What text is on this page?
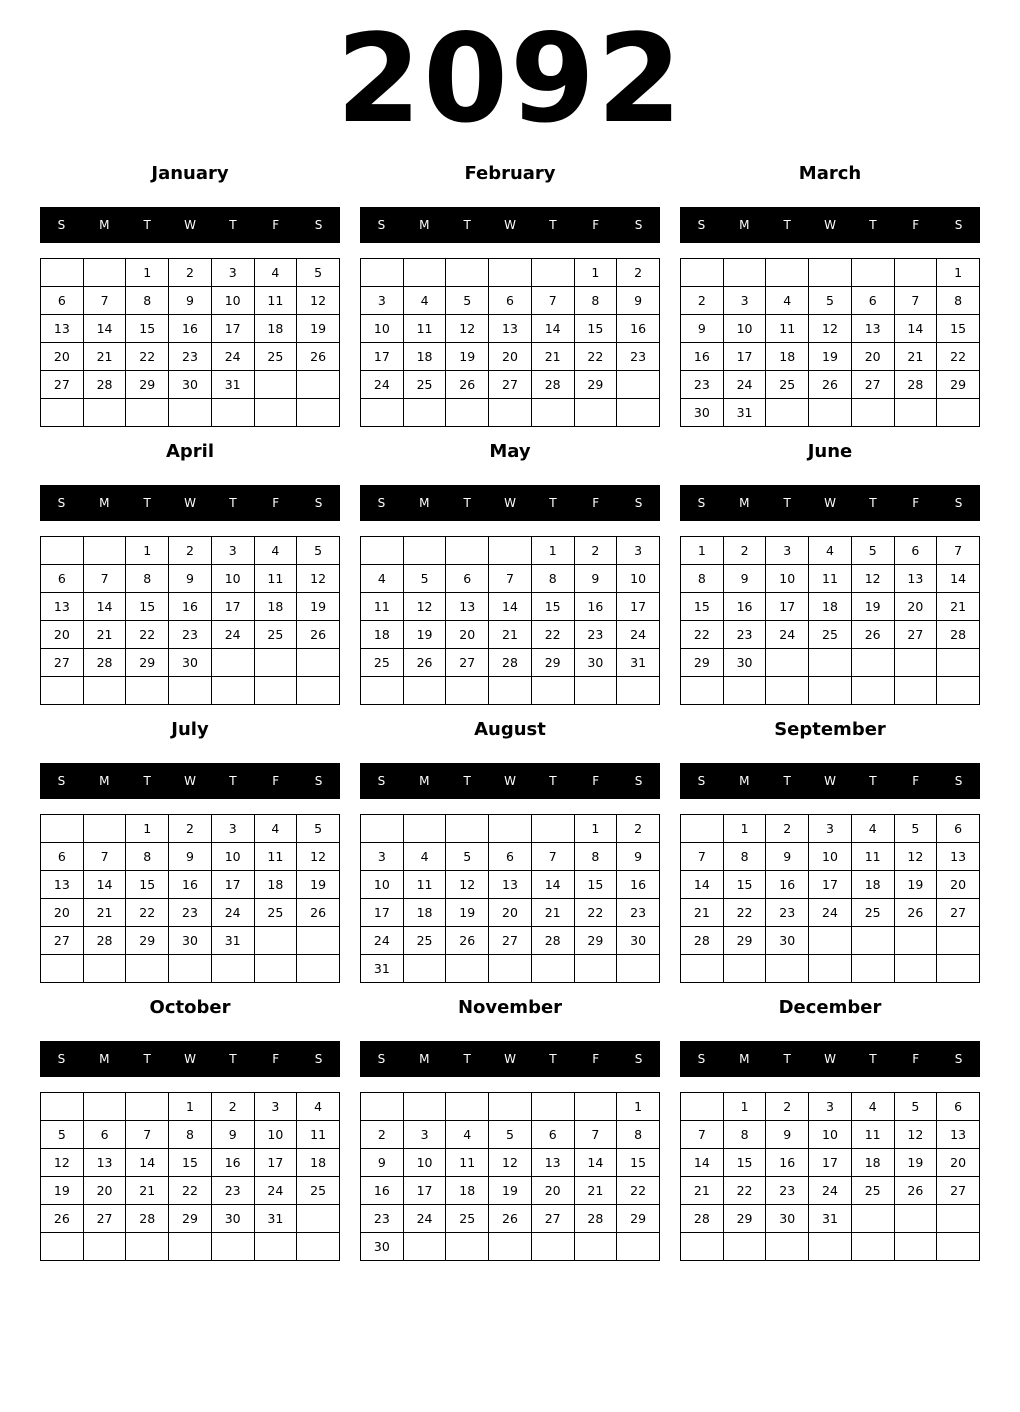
2092
January
S	M	T	W	T	F	S
		1	2	3	4	5
6	7	8	9	10	11	12
13	14	15	16	17	18	19
20	21	22	23	24	25	26
27	28	29	30	31		

February
S	M	T	W	T	F	S
					1	2
3	4	5	6	7	8	9
10	11	12	13	14	15	16
17	18	19	20	21	22	23
24	25	26	27	28	29	

March
S	M	T	W	T	F	S
						1
2	3	4	5	6	7	8
9	10	11	12	13	14	15
16	17	18	19	20	21	22
23	24	25	26	27	28	29
30	31					
April
S	M	T	W	T	F	S
		1	2	3	4	5
6	7	8	9	10	11	12
13	14	15	16	17	18	19
20	21	22	23	24	25	26
27	28	29	30			

May
S	M	T	W	T	F	S
				1	2	3
4	5	6	7	8	9	10
11	12	13	14	15	16	17
18	19	20	21	22	23	24
25	26	27	28	29	30	31

June
S	M	T	W	T	F	S
1	2	3	4	5	6	7
8	9	10	11	12	13	14
15	16	17	18	19	20	21
22	23	24	25	26	27	28
29	30					

July
S	M	T	W	T	F	S
		1	2	3	4	5
6	7	8	9	10	11	12
13	14	15	16	17	18	19
20	21	22	23	24	25	26
27	28	29	30	31		

August
S	M	T	W	T	F	S
					1	2
3	4	5	6	7	8	9
10	11	12	13	14	15	16
17	18	19	20	21	22	23
24	25	26	27	28	29	30
31						
September
S	M	T	W	T	F	S
	1	2	3	4	5	6
7	8	9	10	11	12	13
14	15	16	17	18	19	20
21	22	23	24	25	26	27
28	29	30				

October
S	M	T	W	T	F	S
			1	2	3	4
5	6	7	8	9	10	11
12	13	14	15	16	17	18
19	20	21	22	23	24	25
26	27	28	29	30	31	

November
S	M	T	W	T	F	S
						1
2	3	4	5	6	7	8
9	10	11	12	13	14	15
16	17	18	19	20	21	22
23	24	25	26	27	28	29
30						
December
S	M	T	W	T	F	S
	1	2	3	4	5	6
7	8	9	10	11	12	13
14	15	16	17	18	19	20
21	22	23	24	25	26	27
28	29	30	31			
